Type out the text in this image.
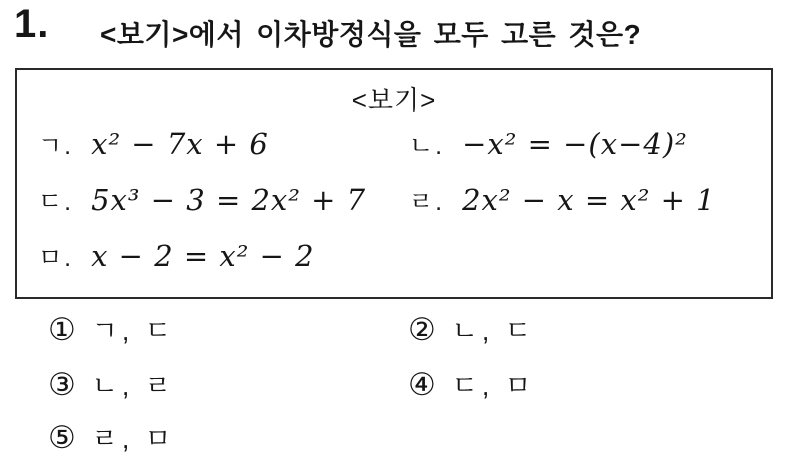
1. <보기>에서 이차방정식을 모두 고른 것은?
<보기>
ㄱ. x² − 7x + 6	ㄴ. −x² = −(x−4)²
ㄷ. 5x³ − 3 = 2x² + 7 ㄹ. 2x² − x = x² + 1
ㅁ. x − 2 = x² − 2
① ㄱ, ㄷ	② ㄴ, ㄷ
③ ㄴ, ㄹ	④ ㄷ, ㅁ
⑤ ㄹ, ㅁ
